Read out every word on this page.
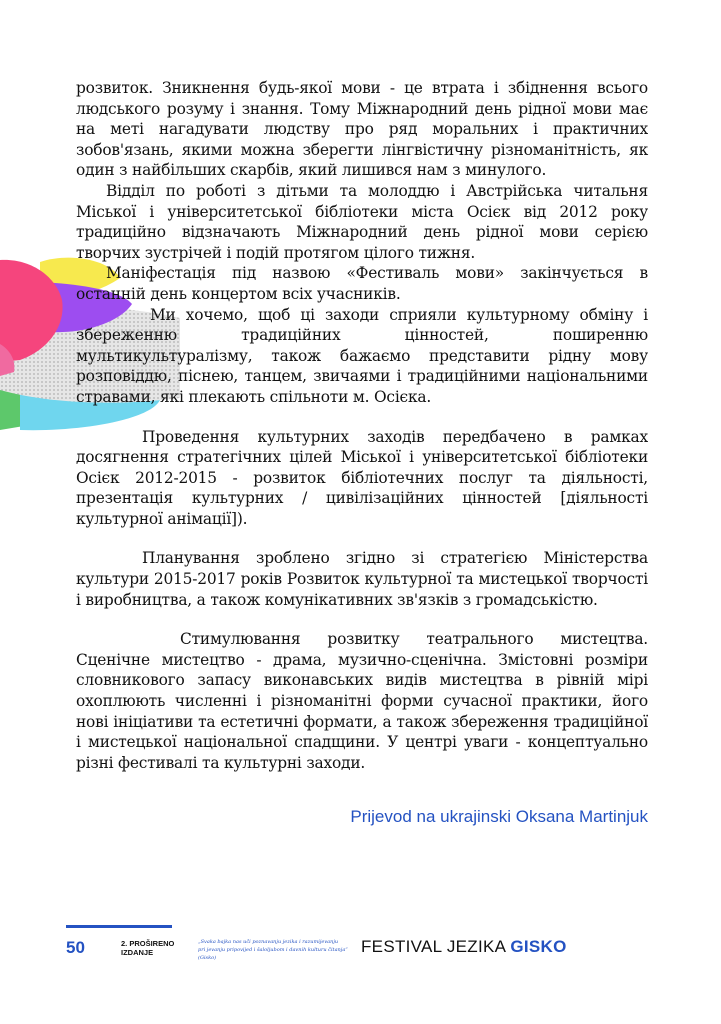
розвиток. Зникнення будь-якої мови - це втрата і збіднення всього людського розуму і знання. Тому Міжнародний день рідної мови має на меті нагадувати людству про ряд моральних і практичних зобов'язань, якими можна зберегти лінгвістичну різноманітність, як один з найбільших скарбів, який лишився нам з минулого.

Відділ по роботі з дітьми та молоддю і Австрійська читальня Міської і університетської бібліотеки міста Осієк від 2012 року традиційно відзначають Міжнародний день рідної мови серією творчих зустрічей і подій протягом цілого тижня.

Маніфестація під назвою «Фестиваль мови» закінчується в останній день концертом всіх учасників.

Ми хочемо, щоб ці заходи сприяли культурному обміну і збереженню традиційних цінностей, поширенню мультикультуралізму, також бажаємо представити рідну мову розповіддю, піснею, танцем, звичаями і традиційними національними стравами, які плекають спільноти м. Осієка.

Проведення культурних заходів передбачено в рамках досягнення стратегічних цілей Міської і університетської бібліотеки Осієк 2012-2015 - розвиток бібліотечних послуг та діяльності, презентація культурних / цивілізаційних цінностей [діяльності культурної анімації]).

Планування зроблено згідно зі стратегією Міністерства культури 2015-2017 років Розвиток культурної та мистецької творчості і виробництва, а також комунікативних зв'язків з громадськістю.

Стимулювання розвитку театрального мистецтва. Сценічне мистецтво - драма, музично-сценічна. Змістовні розміри словникового запасу виконавських видів мистецтва в рівній мірі охоплюють численні і різноманітні форми сучасної практики, його нові ініціативи та естетичні формати, а також збереження традиційної і мистецької національної спадщини. У центрі уваги - концептуально різні фестивалі та культурні заходи.

Prijevod na ukrajinski Oksana Martinjuk
50	2. PROŠIRENO
IZDANJE
„Svaka bajka nas uči poznavanju jezika i razumijevanju
pri jevanju pripovijed i šaloljubom i davnih kulturu čitanja“ (Gisko)
FESTIVAL JEZIKA GISKO
